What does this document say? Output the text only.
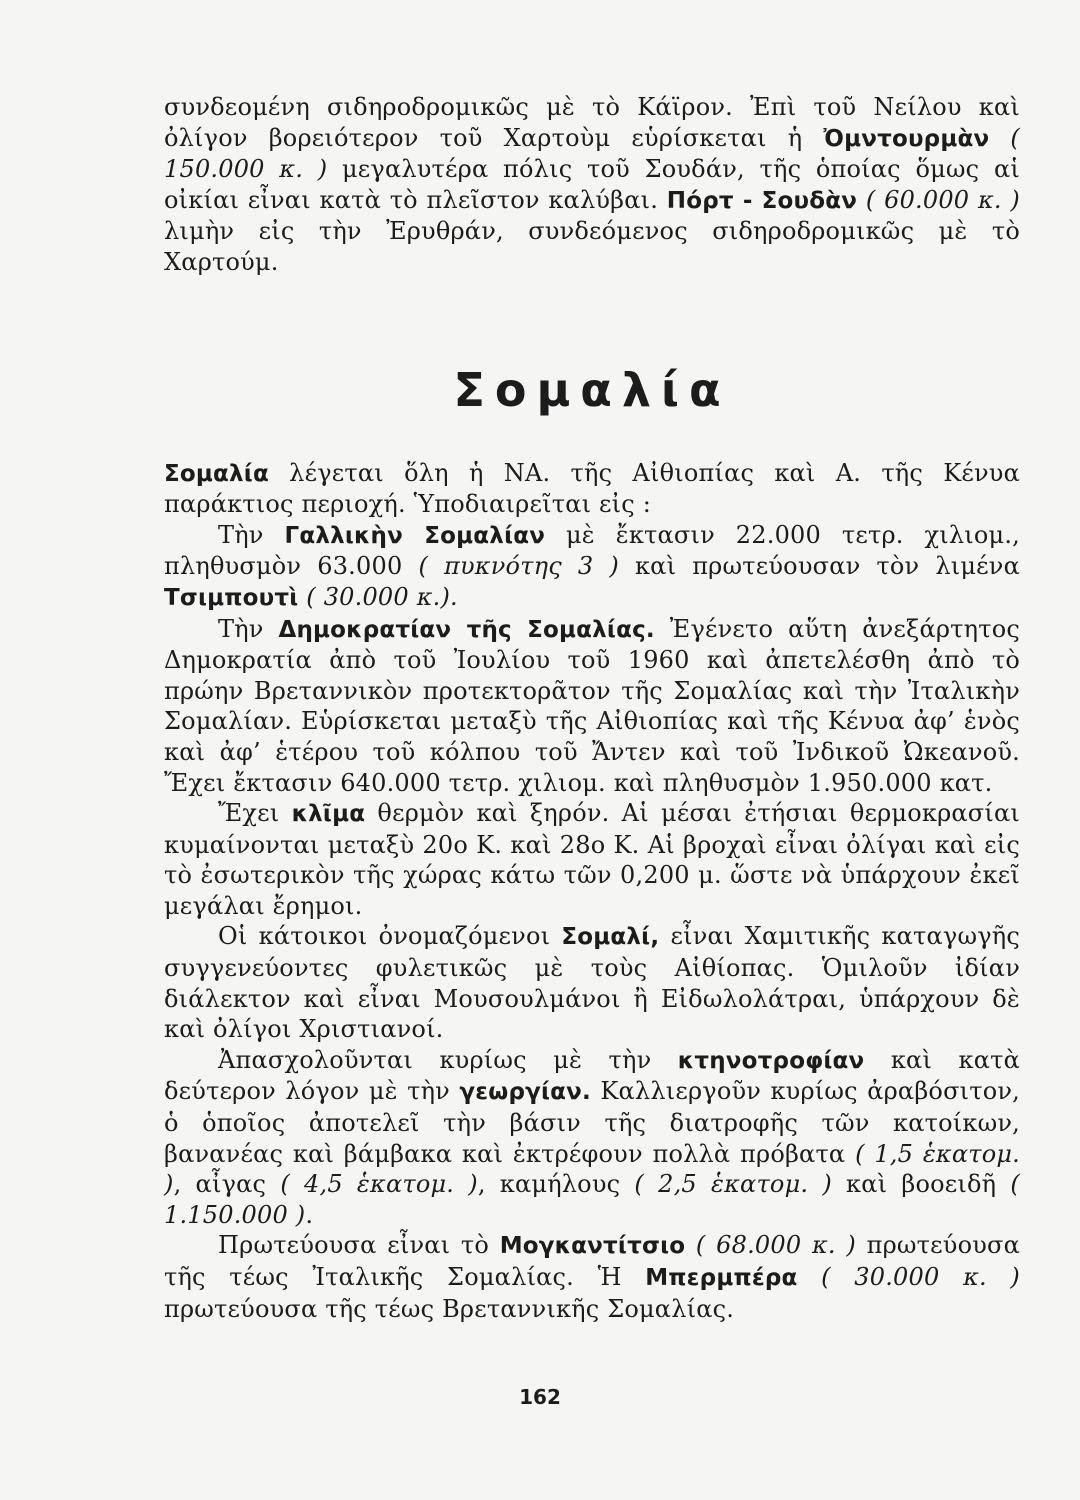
συνδεομένη σιδηροδρομικῶς μὲ τὸ Κάϊρον. Ἐπὶ τοῦ Νείλου καὶ ὀλίγον βορειότερον τοῦ Χαρτοὺμ εὑρίσκεται ἡ Ὀμντουρμὰν ( 150.000 κ. ) μεγαλυτέρα πόλις τοῦ Σουδάν, τῆς ὁποίας ὅμως αἱ οἰκίαι εἶναι κατὰ τὸ πλεῖστον καλύβαι. Πόρτ - Σουδὰν ( 60.000 κ. ) λιμὴν εἰς τὴν Ἐρυθράν, συνδεόμενος σιδηροδρομικῶς μὲ τὸ Χαρτούμ.

Σομαλία

Σομαλία λέγεται ὅλη ἡ ΝΑ. τῆς Αἰθιοπίας καὶ Α. τῆς Κένυα παράκτιος περιοχή. Ὑποδιαιρεῖται εἰς :

Τὴν Γαλλικὴν Σομαλίαν μὲ ἔκτασιν 22.000 τετρ. χιλιομ., πληθυσμὸν 63.000 ( πυκνότης 3 ) καὶ πρωτεύουσαν τὸν λιμένα Τσιμπουτὶ ( 30.000 κ.).

Τὴν Δημοκρατίαν τῆς Σομαλίας. Ἐγένετο αὕτη ἀνεξάρτητος Δημοκρατία ἀπὸ τοῦ Ἰουλίου τοῦ 1960 καὶ ἀπετελέσθη ἀπὸ τὸ πρώην Βρεταννικὸν προτεκτορᾶτον τῆς Σομαλίας καὶ τὴν Ἰταλικὴν Σομαλίαν. Εὑρίσκεται μεταξὺ τῆς Αἰθιοπίας καὶ τῆς Κένυα ἀφ’ ἑνὸς καὶ ἀφ’ ἑτέρου τοῦ κόλπου τοῦ Ἄντεν καὶ τοῦ Ἰνδικοῦ Ὠκεανοῦ. Ἔχει ἔκτασιν 640.000 τετρ. χιλιομ. καὶ πληθυσμὸν 1.950.000 κατ.

Ἔχει κλῖμα θερμὸν καὶ ξηρόν. Αἱ μέσαι ἐτήσιαι θερμοκρασίαι κυμαίνονται μεταξὺ 20ο Κ. καὶ 28ο Κ. Αἱ βροχαὶ εἶναι ὀλίγαι καὶ εἰς τὸ ἐσωτερικὸν τῆς χώρας κάτω τῶν 0,200 μ. ὥστε νὰ ὑπάρχουν ἐκεῖ μεγάλαι ἔρημοι.

Οἱ κάτοικοι ὀνομαζόμενοι Σομαλί, εἶναι Χαμιτικῆς καταγωγῆς συγγενεύοντες φυλετικῶς μὲ τοὺς Αἰθίοπας. Ὁμιλοῦν ἰδίαν διάλεκτον καὶ εἶναι Μουσουλμάνοι ἢ Εἰδωλολάτραι, ὑπάρχουν δὲ καὶ ὀλίγοι Χριστιανοί.

Ἀπασχολοῦνται κυρίως μὲ τὴν κτηνοτροφίαν καὶ κατὰ δεύτερον λόγον μὲ τὴν γεωργίαν. Καλλιεργοῦν κυρίως ἀραβόσιτον, ὁ ὁποῖος ἀποτελεῖ τὴν βάσιν τῆς διατροφῆς τῶν κατοίκων, βανανέας καὶ βάμβακα καὶ ἐκτρέφουν πολλὰ πρόβατα ( 1,5 ἑκατομ. ), αἶγας ( 4,5 ἑκατομ. ), καμήλους ( 2,5 ἑκατομ. ) καὶ βοοειδῆ ( 1.150.000 ).

Πρωτεύουσα εἶναι τὸ Μογκαντίτσιο ( 68.000 κ. ) πρωτεύουσα τῆς τέως Ἰταλικῆς Σομαλίας. Ἡ Μπερμπέρα ( 30.000 κ. ) πρωτεύουσα τῆς τέως Βρεταννικῆς Σομαλίας.

162
